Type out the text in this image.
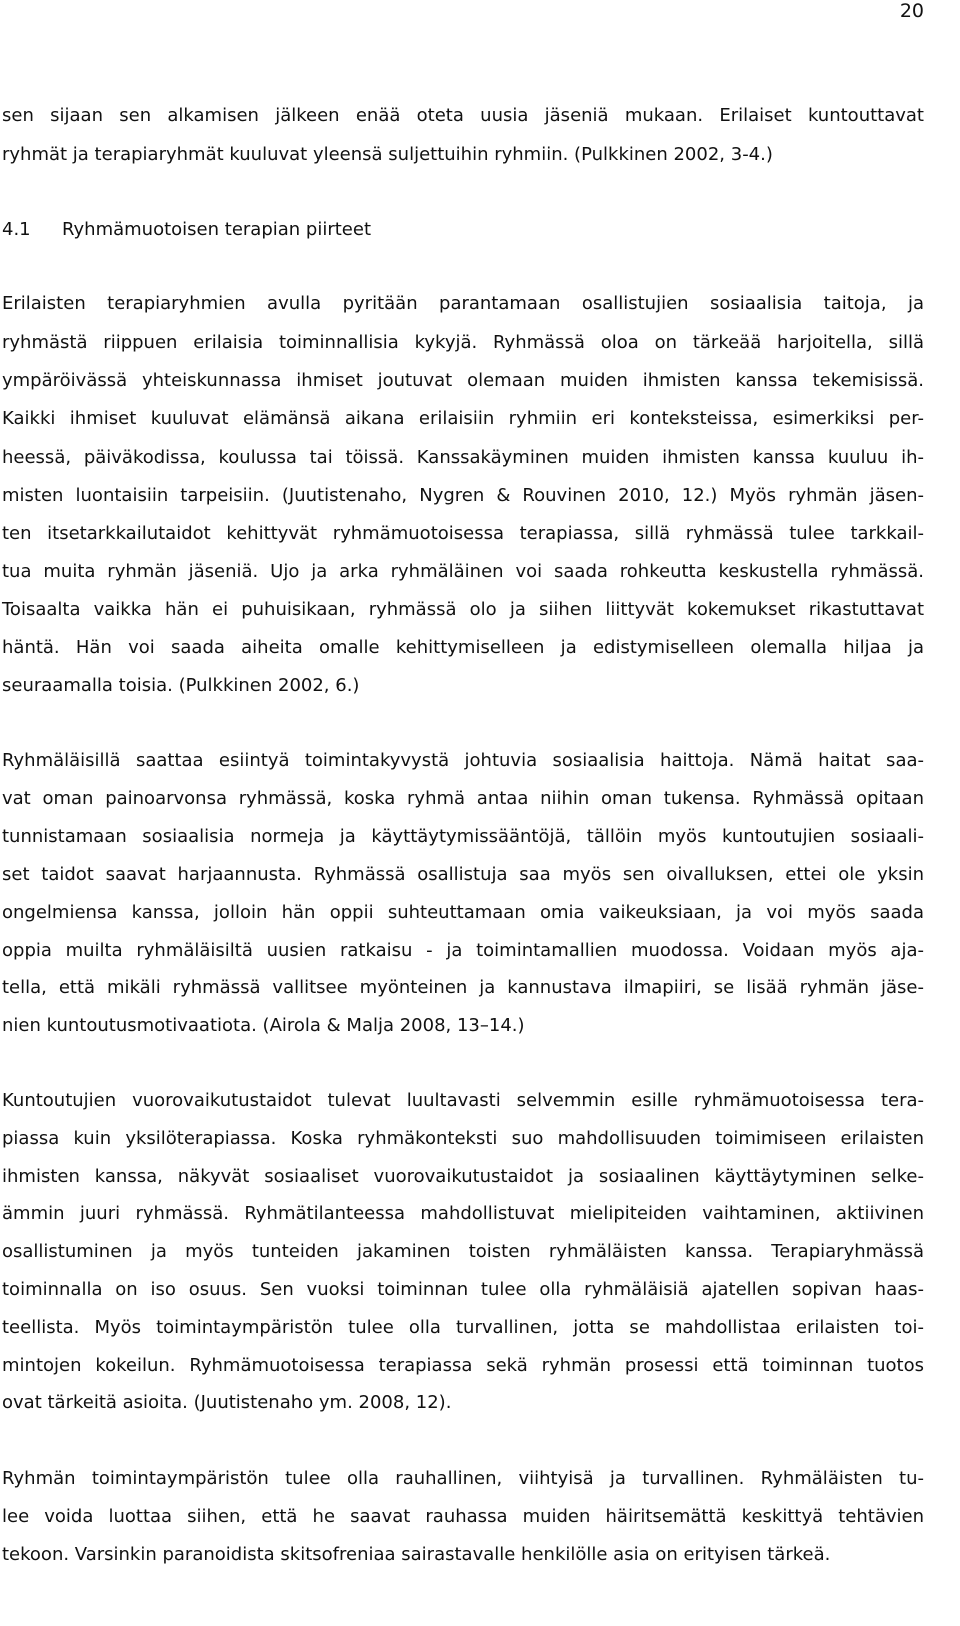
20
sen sijaan sen alkamisen jälkeen enää oteta uusia jäseniä mukaan. Erilaiset kuntouttavat
ryhmät ja terapiaryhmät kuuluvat yleensä suljettuihin ryhmiin. (Pulkkinen 2002, 3-4.)
4.1 Ryhmämuotoisen terapian piirteet
Erilaisten terapiaryhmien avulla pyritään parantamaan osallistujien sosiaalisia taitoja, ja
ryhmästä riippuen erilaisia toiminnallisia kykyjä. Ryhmässä oloa on tärkeää harjoitella, sillä
ympäröivässä yhteiskunnassa ihmiset joutuvat olemaan muiden ihmisten kanssa tekemisissä.
Kaikki ihmiset kuuluvat elämänsä aikana erilaisiin ryhmiin eri konteksteissa, esimerkiksi per-
heessä, päiväkodissa, koulussa tai töissä. Kanssakäyminen muiden ihmisten kanssa kuuluu ih-
misten luontaisiin tarpeisiin. (Juutistenaho, Nygren & Rouvinen 2010, 12.) Myös ryhmän jäsen-
ten itsetarkkailutaidot kehittyvät ryhmämuotoisessa terapiassa, sillä ryhmässä tulee tarkkail-
tua muita ryhmän jäseniä. Ujo ja arka ryhmäläinen voi saada rohkeutta keskustella ryhmässä.
Toisaalta vaikka hän ei puhuisikaan, ryhmässä olo ja siihen liittyvät kokemukset rikastuttavat
häntä. Hän voi saada aiheita omalle kehittymiselleen ja edistymiselleen olemalla hiljaa ja
seuraamalla toisia. (Pulkkinen 2002, 6.)
Ryhmäläisillä saattaa esiintyä toimintakyvystä johtuvia sosiaalisia haittoja. Nämä haitat saa-
vat oman painoarvonsa ryhmässä, koska ryhmä antaa niihin oman tukensa. Ryhmässä opitaan
tunnistamaan sosiaalisia normeja ja käyttäytymissääntöjä, tällöin myös kuntoutujien sosiaali-
set taidot saavat harjaannusta. Ryhmässä osallistuja saa myös sen oivalluksen, ettei ole yksin
ongelmiensa kanssa, jolloin hän oppii suhteuttamaan omia vaikeuksiaan, ja voi myös saada
oppia muilta ryhmäläisiltä uusien ratkaisu - ja toimintamallien muodossa. Voidaan myös aja-
tella, että mikäli ryhmässä vallitsee myönteinen ja kannustava ilmapiiri, se lisää ryhmän jäse-
nien kuntoutusmotivaatiota. (Airola & Malja 2008, 13–14.)
Kuntoutujien vuorovaikutustaidot tulevat luultavasti selvemmin esille ryhmämuotoisessa tera-
piassa kuin yksilöterapiassa. Koska ryhmäkonteksti suo mahdollisuuden toimimiseen erilaisten
ihmisten kanssa, näkyvät sosiaaliset vuorovaikutustaidot ja sosiaalinen käyttäytyminen selke-
ämmin juuri ryhmässä. Ryhmätilanteessa mahdollistuvat mielipiteiden vaihtaminen, aktiivinen
osallistuminen ja myös tunteiden jakaminen toisten ryhmäläisten kanssa. Terapiaryhmässä
toiminnalla on iso osuus. Sen vuoksi toiminnan tulee olla ryhmäläisiä ajatellen sopivan haas-
teellista. Myös toimintaympäristön tulee olla turvallinen, jotta se mahdollistaa erilaisten toi-
mintojen kokeilun. Ryhmämuotoisessa terapiassa sekä ryhmän prosessi että toiminnan tuotos
ovat tärkeitä asioita. (Juutistenaho ym. 2008, 12).
Ryhmän toimintaympäristön tulee olla rauhallinen, viihtyisä ja turvallinen. Ryhmäläisten tu-
lee voida luottaa siihen, että he saavat rauhassa muiden häiritsemättä keskittyä tehtävien
tekoon. Varsinkin paranoidista skitsofreniaa sairastavalle henkilölle asia on erityisen tärkeä.
